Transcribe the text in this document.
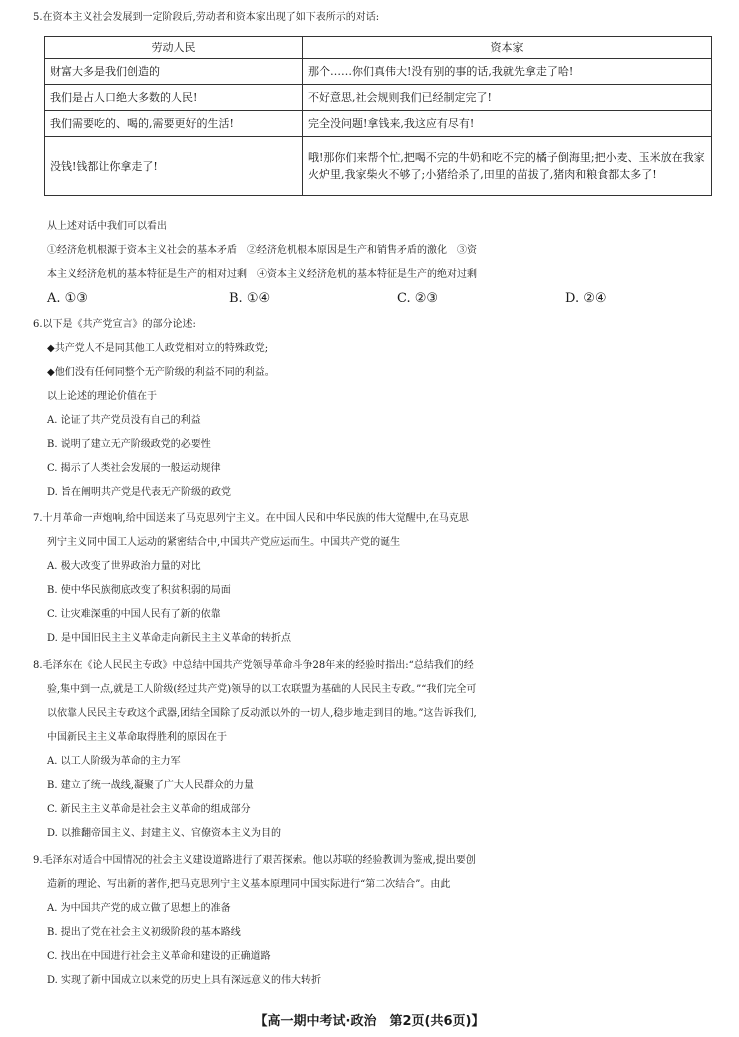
5.在资本主义社会发展到一定阶段后,劳动者和资本家出现了如下表所示的对话:
劳动人民	资本家
财富大多是我们创造的	那个……你们真伟大!没有别的事的话,我就先拿走了哈!
我们是占人口绝大多数的人民!	不好意思,社会规则我们已经制定完了!
我们需要吃的、喝的,需要更好的生活!	完全没问题!拿钱来,我这应有尽有!
没钱!钱都让你拿走了!	哦!那你们来帮个忙,把喝不完的牛奶和吃不完的橘子倒海里;把小麦、玉米放在我家火炉里,我家柴火不够了;小猪给杀了,田里的苗拔了,猪肉和粮食都太多了!
从上述对话中我们可以看出
①经济危机根源于资本主义社会的基本矛盾　②经济危机根本原因是生产和销售矛盾的激化　③资
本主义经济危机的基本特征是生产的相对过剩　④资本主义经济危机的基本特征是生产的绝对过剩
A. ①③	B. ①④	C. ②③	D. ②④
6.以下是《共产党宣言》的部分论述:
◆共产党人不是同其他工人政党相对立的特殊政党;
◆他们没有任何同整个无产阶级的利益不同的利益。
以上论述的理论价值在于
A. 论证了共产党员没有自己的利益
B. 说明了建立无产阶级政党的必要性
C. 揭示了人类社会发展的一般运动规律
D. 旨在阐明共产党是代表无产阶级的政党
7.十月革命一声炮响,给中国送来了马克思列宁主义。在中国人民和中华民族的伟大觉醒中,在马克思
列宁主义同中国工人运动的紧密结合中,中国共产党应运而生。中国共产党的诞生
A. 极大改变了世界政治力量的对比
B. 使中华民族彻底改变了积贫积弱的局面
C. 让灾难深重的中国人民有了新的依靠
D. 是中国旧民主主义革命走向新民主主义革命的转折点
8.毛泽东在《论人民民主专政》中总结中国共产党领导革命斗争28年来的经验时指出:“总结我们的经
验,集中到一点,就是工人阶级(经过共产党)领导的以工农联盟为基础的人民民主专政。”“我们完全可
以依靠人民民主专政这个武器,团结全国除了反动派以外的一切人,稳步地走到目的地。”这告诉我们,
中国新民主主义革命取得胜利的原因在于
A. 以工人阶级为革命的主力军
B. 建立了统一战线,凝聚了广大人民群众的力量
C. 新民主主义革命是社会主义革命的组成部分
D. 以推翻帝国主义、封建主义、官僚资本主义为目的
9.毛泽东对适合中国情况的社会主义建设道路进行了艰苦探索。他以苏联的经验教训为鉴戒,提出要创
造新的理论、写出新的著作,把马克思列宁主义基本原理同中国实际进行“第二次结合”。由此
A. 为中国共产党的成立做了思想上的准备
B. 提出了党在社会主义初级阶段的基本路线
C. 找出在中国进行社会主义革命和建设的正确道路
D. 实现了新中国成立以来党的历史上具有深远意义的伟大转折
【高一期中考试·政治　第2页(共6页)】
